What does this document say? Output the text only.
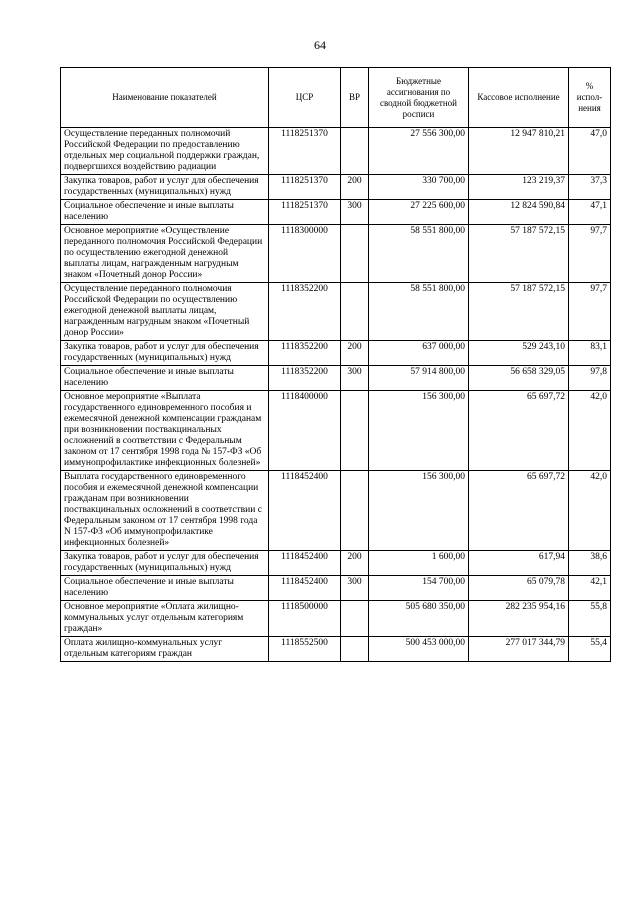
64
Наименование показателей	ЦСР	ВР	Бюджетные ассигнования по сводной бюджетной росписи	Кассовое исполнение	% испол-нения
Осуществление переданных полномочий Российской Федерации по предоставлению отдельных мер социальной поддержки граждан, подвергшихся воздействию радиации	1118251370		27 556 300,00	12 947 810,21	47,0
Закупка товаров, работ и услуг для обеспечения государственных (муниципальных) нужд	1118251370	200	330 700,00	123 219,37	37,3
Социальное обеспечение и иные выплаты населению	1118251370	300	27 225 600,00	12 824 590,84	47,1
Основное мероприятие «Осуществление переданного полномочия Российской Федерации по осуществлению ежегодной денежной выплаты лицам, награжденным нагрудным знаком «Почетный донор России»	1118300000		58 551 800,00	57 187 572,15	97,7
Осуществление переданного полномочия Российской Федерации по осуществлению ежегодной денежной выплаты лицам, награжденным нагрудным знаком «Почетный донор России»	1118352200		58 551 800,00	57 187 572,15	97,7
Закупка товаров, работ и услуг для обеспечения государственных (муниципальных) нужд	1118352200	200	637 000,00	529 243,10	83,1
Социальное обеспечение и иные выплаты населению	1118352200	300	57 914 800,00	56 658 329,05	97,8
Основное мероприятие «Выплата государственного единовременного пособия и ежемесячной денежной компенсации гражданам при возникновении поствакцинальных осложнений в соответствии с Федеральным законом от 17 сентября 1998 года № 157-ФЗ «Об иммунопрофилактике инфекционных болезней»	1118400000		156 300,00	65 697,72	42,0
Выплата государственного единовременного пособия и ежемесячной денежной компенсации гражданам при возникновении поствакцинальных осложнений в соответствии с Федеральным законом от 17 сентября 1998 года N 157-ФЗ «Об иммунопрофилактике инфекционных болезней»	1118452400		156 300,00	65 697,72	42,0
Закупка товаров, работ и услуг для обеспечения государственных (муниципальных) нужд	1118452400	200	1 600,00	617,94	38,6
Социальное обеспечение и иные выплаты населению	1118452400	300	154 700,00	65 079,78	42,1
Основное мероприятие «Оплата жилищно-коммунальных услуг отдельным категориям граждан»	1118500000		505 680 350,00	282 235 954,16	55,8
Оплата жилищно-коммунальных услуг отдельным категориям граждан	1118552500		500 453 000,00	277 017 344,79	55,4
